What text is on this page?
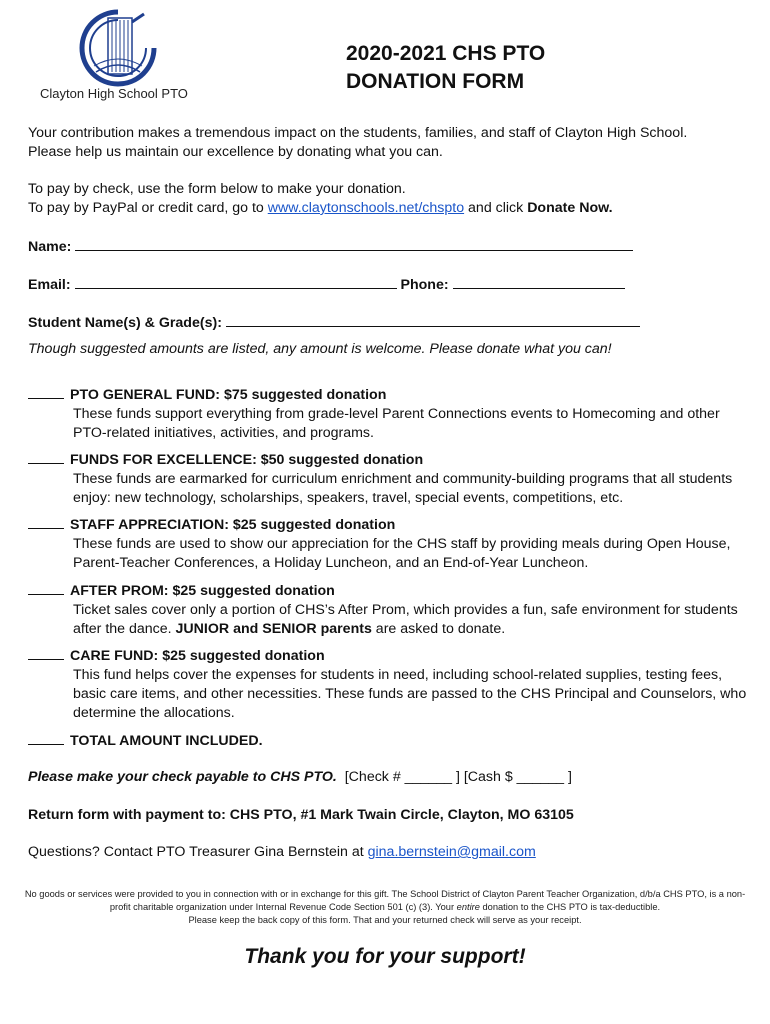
Clayton High School PTO
2020-2021 CHS PTO
DONATION FORM
Your contribution makes a tremendous impact on the students, families, and staff of Clayton High School.
Please help us maintain our excellence by donating what you can.
To pay by check, use the form below to make your donation.
To pay by PayPal or credit card, go to www.claytonschools.net/chspto and click Donate Now.
Name:
Email:	Phone:
Student Name(s) & Grade(s):
Though suggested amounts are listed, any amount is welcome. Please donate what you can!
PTO GENERAL FUND: $75 suggested donation
These funds support everything from grade-level Parent Connections events to Homecoming and other PTO-related initiatives, activities, and programs.
FUNDS FOR EXCELLENCE: $50 suggested donation
These funds are earmarked for curriculum enrichment and community-building programs that all students enjoy: new technology, scholarships, speakers, travel, special events, competitions, etc.
STAFF APPRECIATION: $25 suggested donation
These funds are used to show our appreciation for the CHS staff by providing meals during Open House, Parent-Teacher Conferences, a Holiday Luncheon, and an End-of-Year Luncheon.
AFTER PROM: $25 suggested donation
Ticket sales cover only a portion of CHS’s After Prom, which provides a fun, safe environment for students after the dance. JUNIOR and SENIOR parents are asked to donate.
CARE FUND: $25 suggested donation
This fund helps cover the expenses for students in need, including school-related supplies, testing fees, basic care items, and other necessities. These funds are passed to the CHS Principal and Counselors, who determine the allocations.
TOTAL AMOUNT INCLUDED.
Please make your check payable to CHS PTO.  [Check # ______ ] [Cash $ ______ ]
Return form with payment to: CHS PTO, #1 Mark Twain Circle, Clayton, MO 63105
Questions? Contact PTO Treasurer Gina Bernstein at gina.bernstein@gmail.com
No goods or services were provided to you in connection with or in exchange for this gift. The School District of Clayton Parent Teacher Organization, d/b/a CHS PTO, is a non-profit charitable organization under Internal Revenue Code Section 501 (c) (3). Your entire donation to the CHS PTO is tax-deductible.
Please keep the back copy of this form. That and your returned check will serve as your receipt.
Thank you for your support!
